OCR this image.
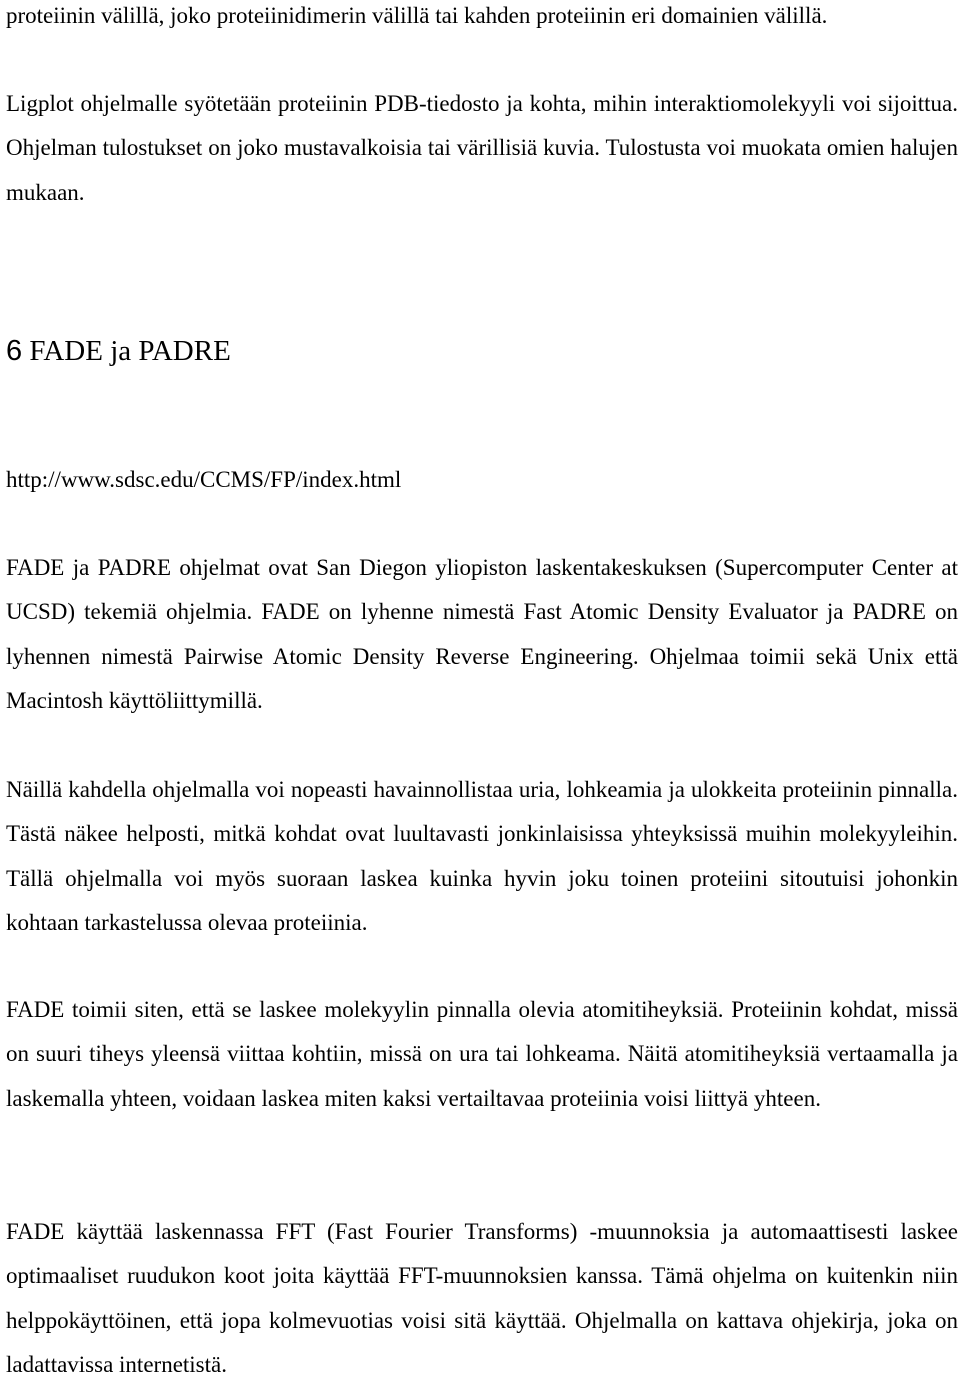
proteiinin välillä, joko proteiinidimerin välillä tai kahden proteiinin eri domainien välillä.

Ligplot ohjelmalle syötetään proteiinin PDB-tiedosto ja kohta, mihin interaktiomolekyyli voi sijoittua. Ohjelman tulostukset on joko mustavalkoisia tai värillisiä kuvia. Tulostusta voi muokata omien halujen mukaan.

6 FADE ja PADRE

http://www.sdsc.edu/CCMS/FP/index.html

FADE ja PADRE ohjelmat ovat San Diegon yliopiston laskentakeskuksen (Supercomputer Center at UCSD) tekemiä ohjelmia. FADE on lyhenne nimestä Fast Atomic Density Evaluator ja PADRE on lyhennen nimestä Pairwise Atomic Density Reverse Engineering. Ohjelmaa toimii sekä Unix että Macintosh käyttöliittymillä.

Näillä kahdella ohjelmalla voi nopeasti havainnollistaa uria, lohkeamia ja ulokkeita proteiinin pinnalla. Tästä näkee helposti, mitkä kohdat ovat luultavasti jonkinlaisissa yhteyksissä muihin molekyyleihin. Tällä ohjelmalla voi myös suoraan laskea kuinka hyvin joku toinen proteiini sitoutuisi johonkin kohtaan tarkastelussa olevaa proteiinia.

FADE toimii siten, että se laskee molekyylin pinnalla olevia atomitiheyksiä. Proteiinin kohdat, missä on suuri tiheys yleensä viittaa kohtiin, missä on ura tai lohkeama. Näitä atomitiheyksiä vertaamalla ja laskemalla yhteen, voidaan laskea miten kaksi vertailtavaa proteiinia voisi liittyä yhteen.

FADE käyttää laskennassa FFT (Fast Fourier Transforms) -muunnoksia ja automaattisesti laskee optimaaliset ruudukon koot joita käyttää FFT-muunnoksien kanssa. Tämä ohjelma on kuitenkin niin helppokäyttöinen, että jopa kolmevuotias voisi sitä käyttää. Ohjelmalla on kattava ohjekirja, joka on ladattavissa internetistä.
